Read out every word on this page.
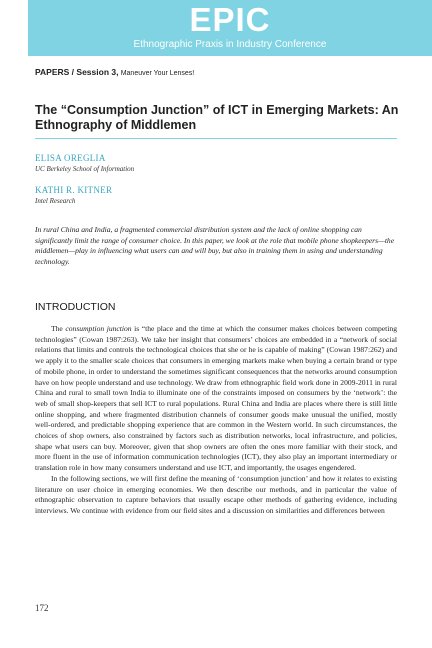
EPIC
Ethnographic Praxis in Industry Conference
PAPERS / Session 3, Maneuver Your Lenses!
The “Consumption Junction” of ICT in Emerging Markets: An Ethnography of Middlemen
ELISA OREGLIA
UC Berkeley School of Information
KATHI R. KITNER
Intel Research
In rural China and India, a fragmented commercial distribution system and the lack of online shopping can significantly limit the range of consumer choice. In this paper, we look at the role that mobile phone shopkeepers—the middlemen—play in influencing what users can and will buy, but also in training them in using and understanding technology.
INTRODUCTION

The consumption junction is “the place and the time at which the consumer makes choices between competing technologies” (Cowan 1987:263). We take her insight that consumers’ choices are embedded in a “network of social relations that limits and controls the technological choices that she or he is capable of making” (Cowan 1987:262) and we apply it to the smaller scale choices that consumers in emerging markets make when buying a certain brand or type of mobile phone, in order to understand the sometimes significant consequences that the networks around consumption have on how people understand and use technology. We draw from ethnographic field work done in 2009-2011 in rural China and rural to small town India to illuminate one of the constraints imposed on consumers by the ‘network’: the web of small shop-keepers that sell ICT to rural populations. Rural China and India are places where there is still little online shopping, and where fragmented distribution channels of consumer goods make unusual the unified, mostly well-ordered, and predictable shopping experience that are common in the Western world. In such circumstances, the choices of shop owners, also constrained by factors such as distribution networks, local infrastructure, and policies, shape what users can buy. Moreover, given that shop owners are often the ones more familiar with their stock, and more fluent in the use of information communication technologies (ICT), they also play an important intermediary or translation role in how many consumers understand and use ICT, and importantly, the usages engendered.

In the following sections, we will first define the meaning of ‘consumption junction’ and how it relates to existing literature on user choice in emerging economies. We then describe our methods, and in particular the value of ethnographic observation to capture behaviors that usually escape other methods of gathering evidence, including interviews. We continue with evidence from our field sites and a discussion on similarities and differences between

172
